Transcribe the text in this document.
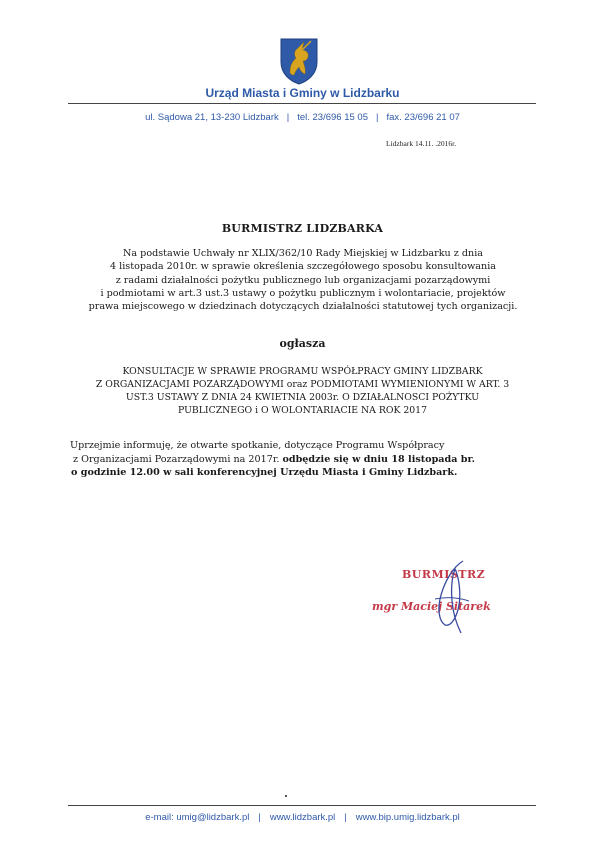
Urząd Miasta i Gminy w Lidzbarku
ul. Sądowa 21, 13-230 Lidzbark | tel. 23/696 15 05 | fax. 23/696 21 07
Lidzbark 14.11. .2016r.
BURMISTRZ LIDZBARKA
Na podstawie Uchwały nr XLIX/362/10 Rady Miejskiej w Lidzbarku z dnia
4 listopada 2010r. w sprawie określenia szczegółowego sposobu konsultowania
z radami działalności pożytku publicznego lub organizacjami pozarządowymi
i podmiotami w art.3 ust.3 ustawy o pożytku publicznym i wolontariacie, projektów
prawa miejscowego w dziedzinach dotyczących działalności statutowej tych organizacji.
ogłasza
KONSULTACJE W SPRAWIE PROGRAMU WSPÓŁPRACY GMINY LIDZBARK
Z ORGANIZACJAMI POZARZĄDOWYMI oraz PODMIOTAMI WYMIENIONYMI W ART. 3
UST.3 USTAWY Z DNIA 24 KWIETNIA 2003r. O DZIAŁALNOSCI POŻYTKU
PUBLICZNEGO i O WOLONTARIACIE NA ROK 2017
Uprzejmie informuję, że otwarte spotkanie, dotyczące Programu Współpracy
z Organizacjami Pozarządowymi na 2017r. odbędzie się w dniu 18 listopada br.
o godzinie 12.00 w sali konferencyjnej Urzędu Miasta i Gminy Lidzbark.
BURMISTRZ
mgr Maciej Sitarek
e-mail: umig@lidzbark.pl | www.lidzbark.pl | www.bip.umig.lidzbark.pl
